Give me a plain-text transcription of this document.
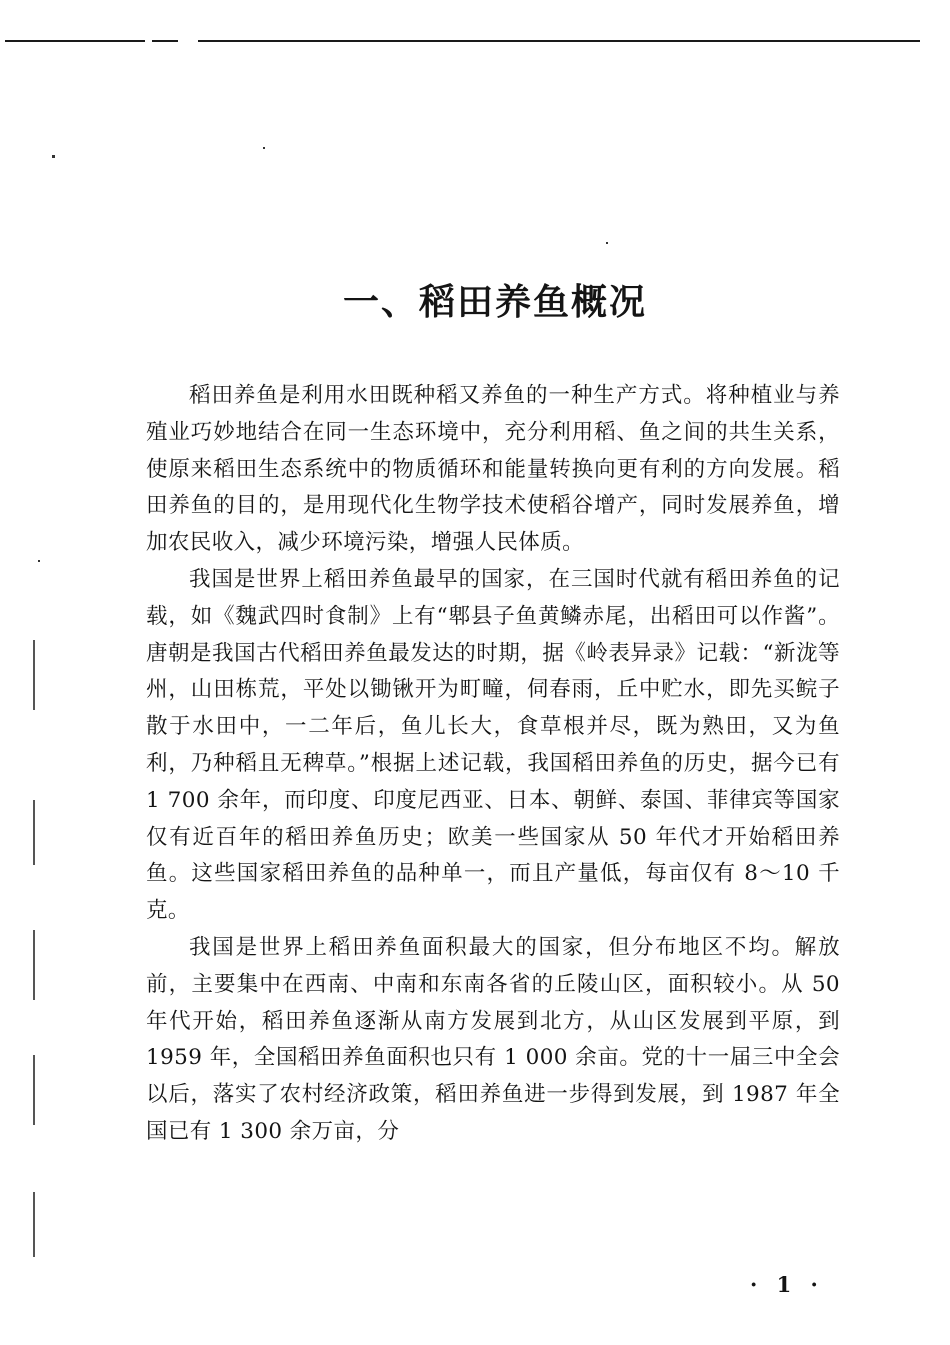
一、稻田养鱼概况

稻田养鱼是利用水田既种稻又养鱼的一种生产方式。将种植业与养殖业巧妙地结合在同一生态环境中，充分利用稻、鱼之间的共生关系，使原来稻田生态系统中的物质循环和能量转换向更有利的方向发展。稻田养鱼的目的，是用现代化生物学技术使稻谷增产，同时发展养鱼，增加农民收入，减少环境污染，增强人民体质。

我国是世界上稻田养鱼最早的国家，在三国时代就有稻田养鱼的记载，如《魏武四时食制》上有“郫县子鱼黄鳞赤尾，出稻田可以作酱”。唐朝是我国古代稻田养鱼最发达的时期，据《岭表异录》记载：“新泷等州，山田栋荒，平处以锄锹开为町疃，伺春雨，丘中贮水，即先买鲩子散于水田中，一二年后，鱼儿长大，食草根并尽，既为熟田，又为鱼利，乃种稻且无稗草。”根据上述记载，我国稻田养鱼的历史，据今已有 1 700 余年，而印度、印度尼西亚、日本、朝鲜、泰国、菲律宾等国家仅有近百年的稻田养鱼历史；欧美一些国家从 50 年代才开始稻田养鱼。这些国家稻田养鱼的品种单一，而且产量低，每亩仅有 8～10 千克。

我国是世界上稻田养鱼面积最大的国家，但分布地区不均。解放前，主要集中在西南、中南和东南各省的丘陵山区，面积较小。从 50 年代开始，稻田养鱼逐渐从南方发展到北方，从山区发展到平原，到 1959 年，全国稻田养鱼面积也只有 1 000 余亩。党的十一届三中全会以后，落实了农村经济政策，稻田养鱼进一步得到发展，到 1987 年全国已有 1 300 余万亩，分

· 1 ·
